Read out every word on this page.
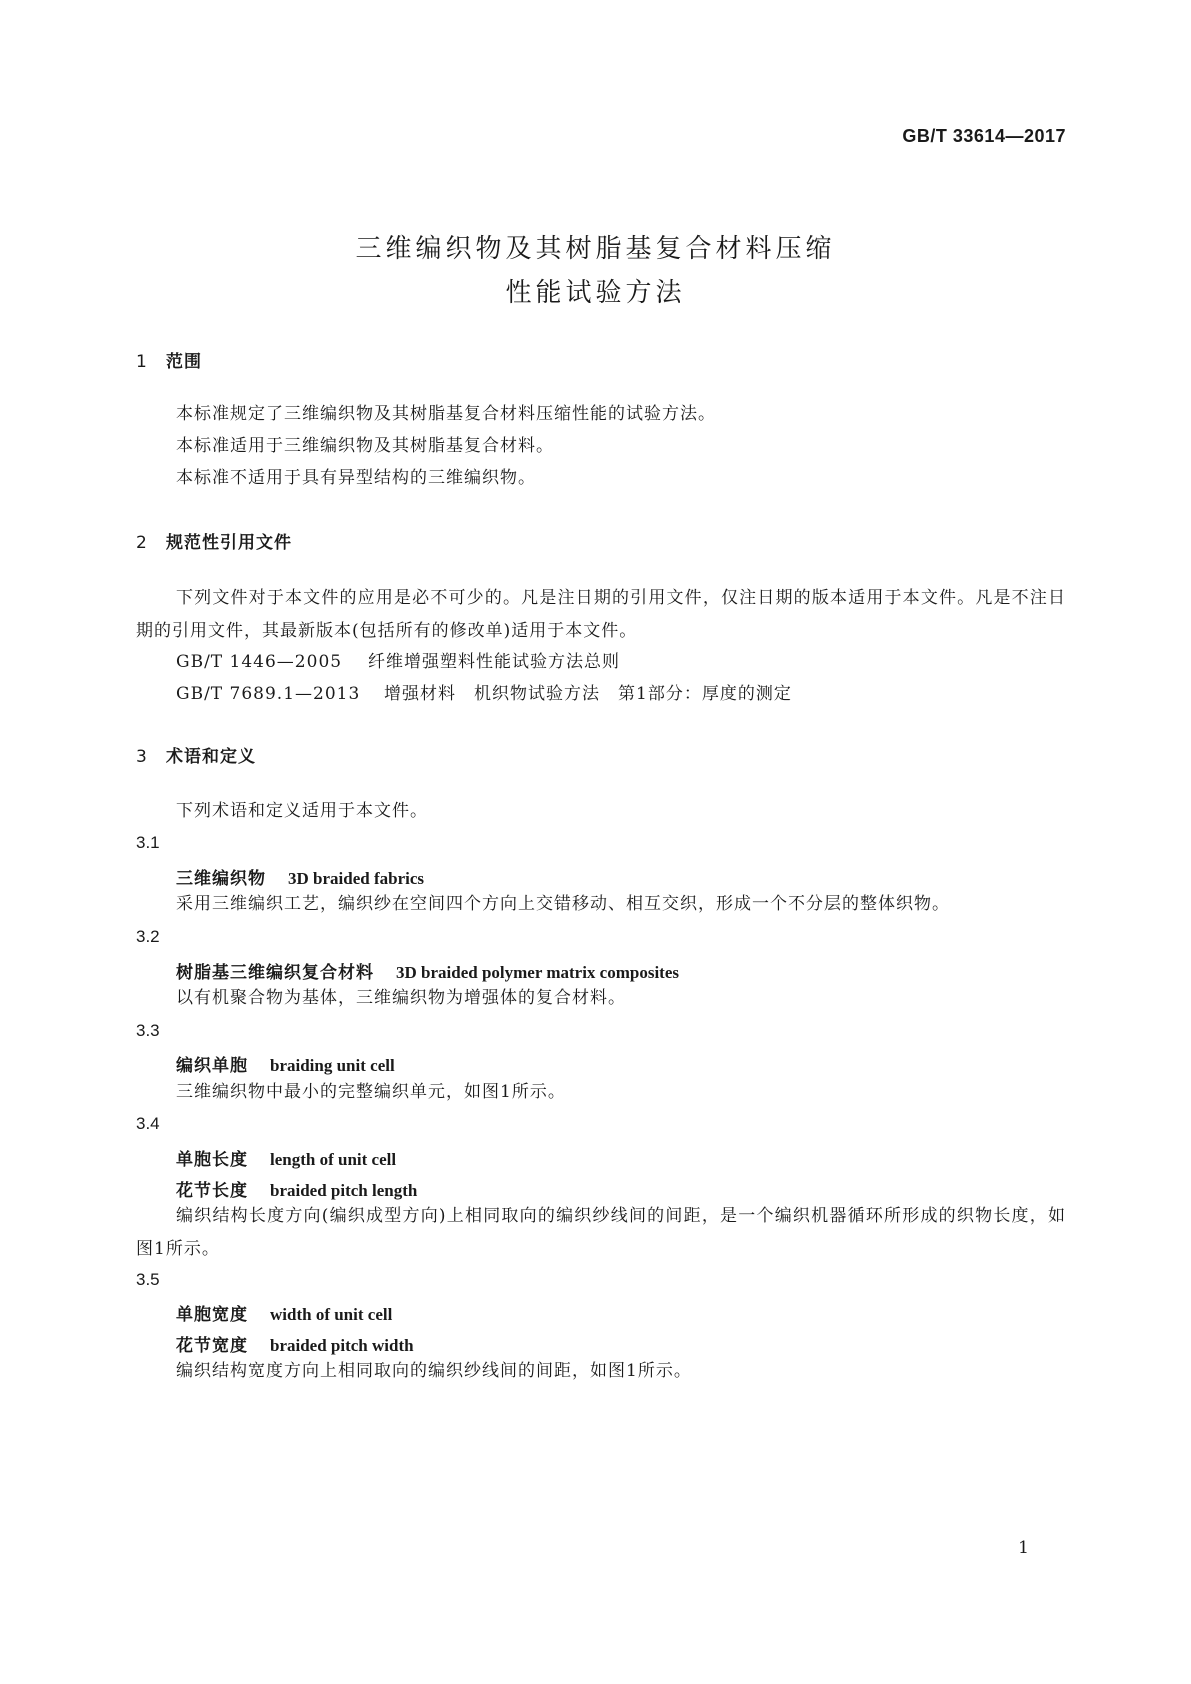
GB/T 33614—2017
三维编织物及其树脂基复合材料压缩
性能试验方法
1 范围
本标准规定了三维编织物及其树脂基复合材料压缩性能的试验方法。
本标准适用于三维编织物及其树脂基复合材料。
本标准不适用于具有异型结构的三维编织物。
2 规范性引用文件
下列文件对于本文件的应用是必不可少的。凡是注日期的引用文件，仅注日期的版本适用于本文件。凡是不注日期的引用文件，其最新版本(包括所有的修改单)适用于本文件。
GB/T 1446—2005 纤维增强塑料性能试验方法总则
GB/T 7689.1—2013 增强材料　机织物试验方法　第1部分：厚度的测定
3 术语和定义
下列术语和定义适用于本文件。
3.1
三维编织物 3D braided fabrics
采用三维编织工艺，编织纱在空间四个方向上交错移动、相互交织，形成一个不分层的整体织物。
3.2
树脂基三维编织复合材料 3D braided polymer matrix composites
以有机聚合物为基体，三维编织物为增强体的复合材料。
3.3
编织单胞 braiding unit cell
三维编织物中最小的完整编织单元，如图1所示。
3.4
单胞长度 length of unit cell
花节长度 braided pitch length
编织结构长度方向(编织成型方向)上相同取向的编织纱线间的间距，是一个编织机器循环所形成的织物长度，如图1所示。
3.5
单胞宽度 width of unit cell
花节宽度 braided pitch width
编织结构宽度方向上相同取向的编织纱线间的间距，如图1所示。
1
